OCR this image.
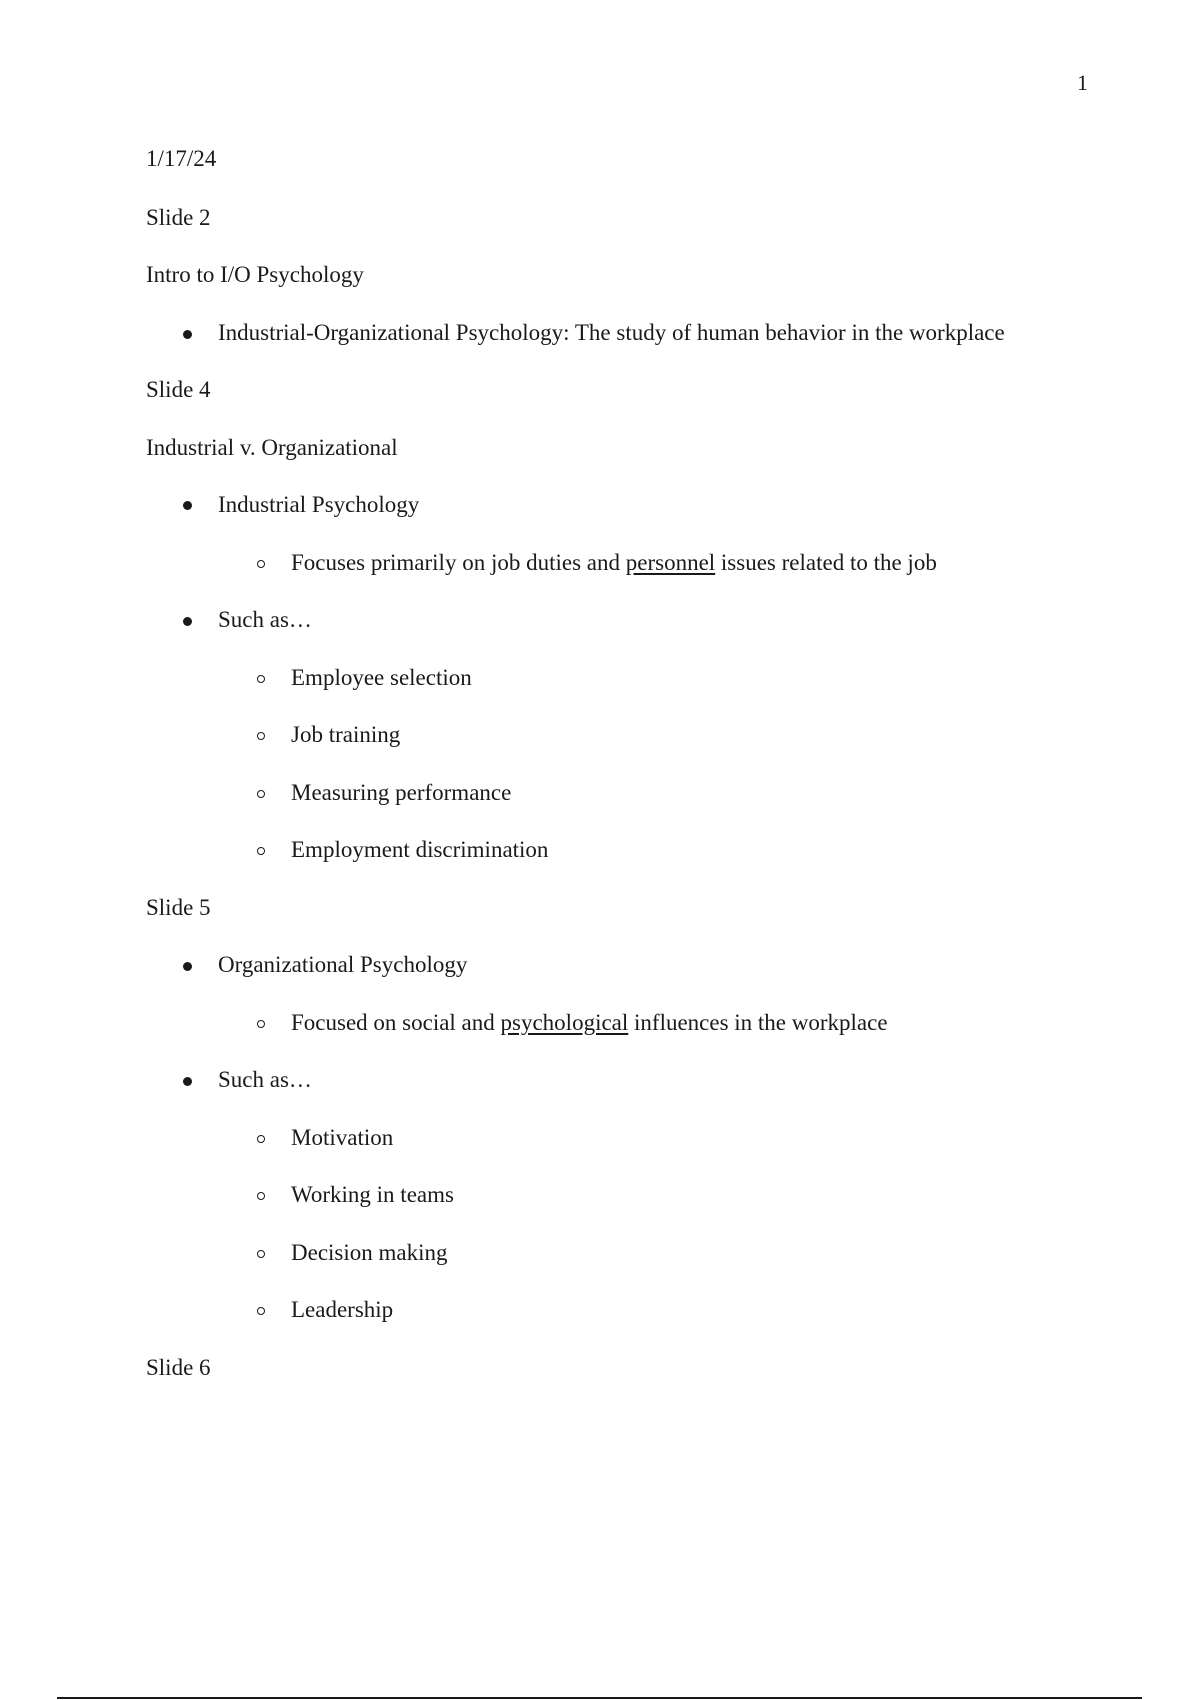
1
1/17/24
Slide 2
Intro to I/O Psychology
Industrial-Organizational Psychology: The study of human behavior in the workplace
Slide 4
Industrial v. Organizational
Industrial Psychology
Focuses primarily on job duties and personnel issues related to the job
Such as…
Employee selection
Job training
Measuring performance
Employment discrimination
Slide 5
Organizational Psychology
Focused on social and psychological influences in the workplace
Such as…
Motivation
Working in teams
Decision making
Leadership
Slide 6
